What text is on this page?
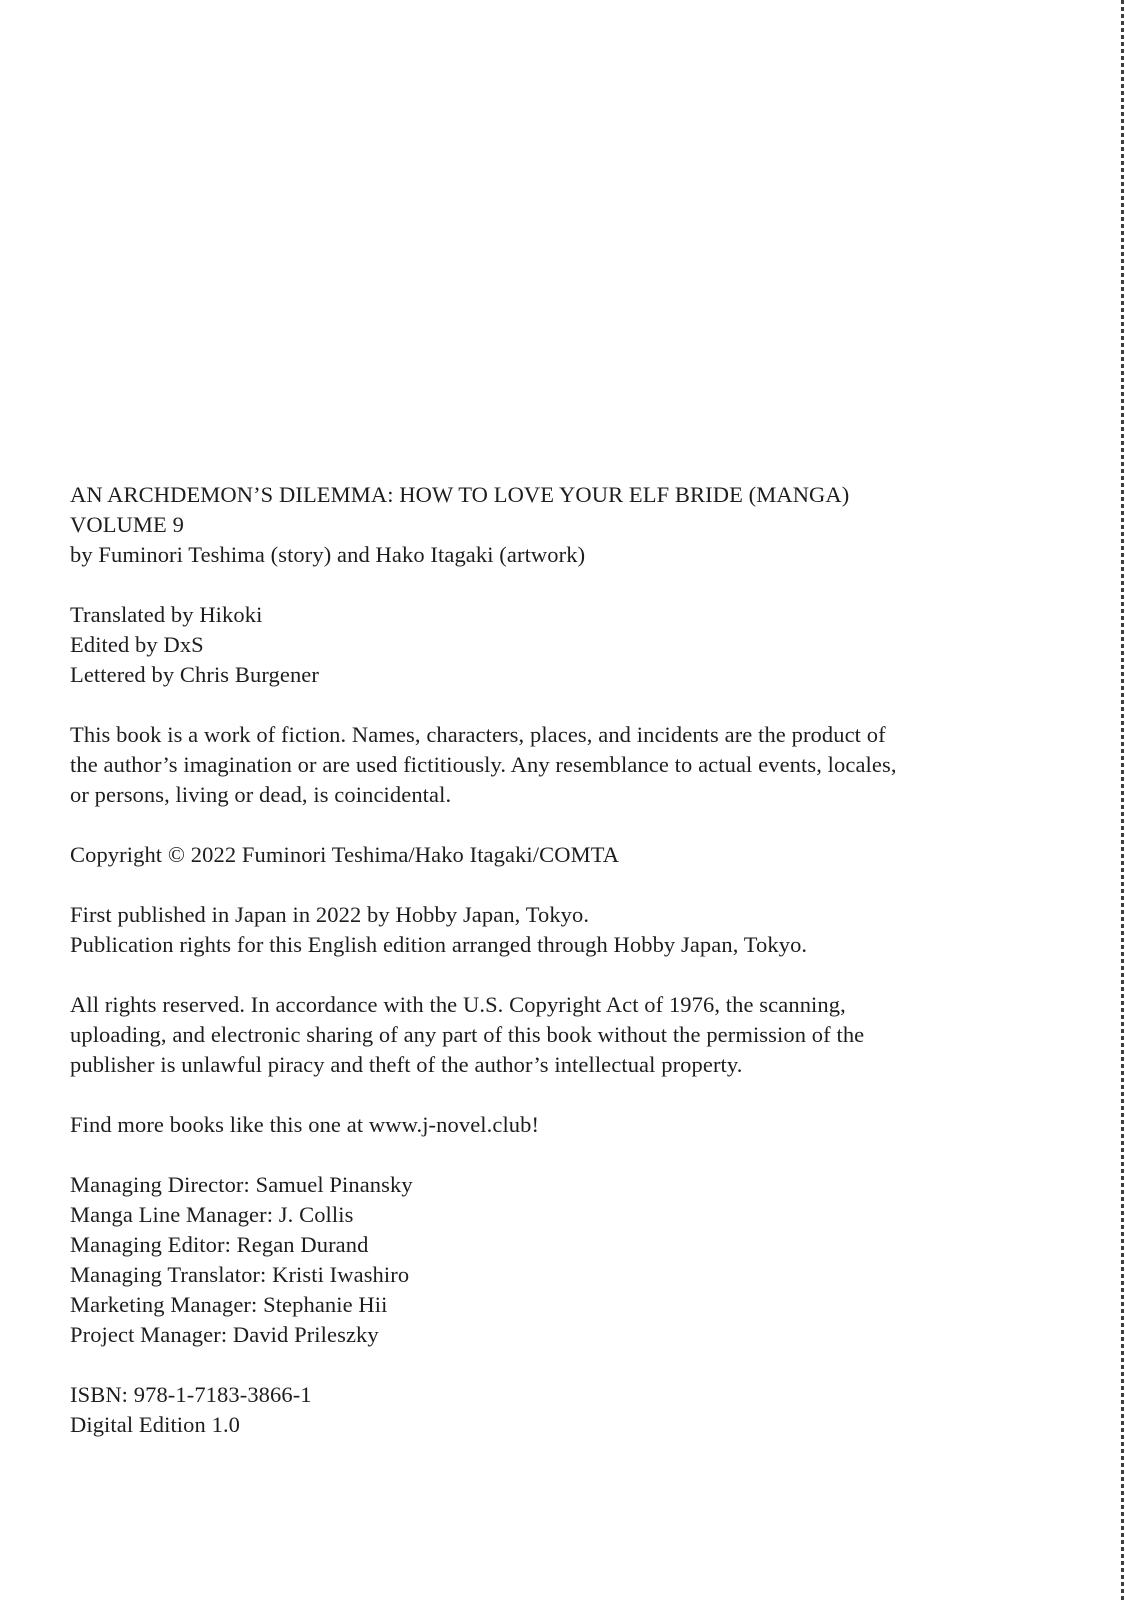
AN ARCHDEMON’S DILEMMA: HOW TO LOVE YOUR ELF BRIDE (MANGA)
VOLUME 9
by Fuminori Teshima (story) and Hako Itagaki (artwork)
Translated by Hikoki
Edited by DxS
Lettered by Chris Burgener
This book is a work of fiction. Names, characters, places, and incidents are the product of
the author’s imagination or are used fictitiously. Any resemblance to actual events, locales,
or persons, living or dead, is coincidental.
Copyright © 2022 Fuminori Teshima/Hako Itagaki/COMTA
First published in Japan in 2022 by Hobby Japan, Tokyo.
Publication rights for this English edition arranged through Hobby Japan, Tokyo.
All rights reserved. In accordance with the U.S. Copyright Act of 1976, the scanning,
uploading, and electronic sharing of any part of this book without the permission of the
publisher is unlawful piracy and theft of the author’s intellectual property.
Find more books like this one at www.j-novel.club!
Managing Director: Samuel Pinansky
Manga Line Manager: J. Collis
Managing Editor: Regan Durand
Managing Translator: Kristi Iwashiro
Marketing Manager: Stephanie Hii
Project Manager: David Prileszky
ISBN: 978-1-7183-3866-1
Digital Edition 1.0
